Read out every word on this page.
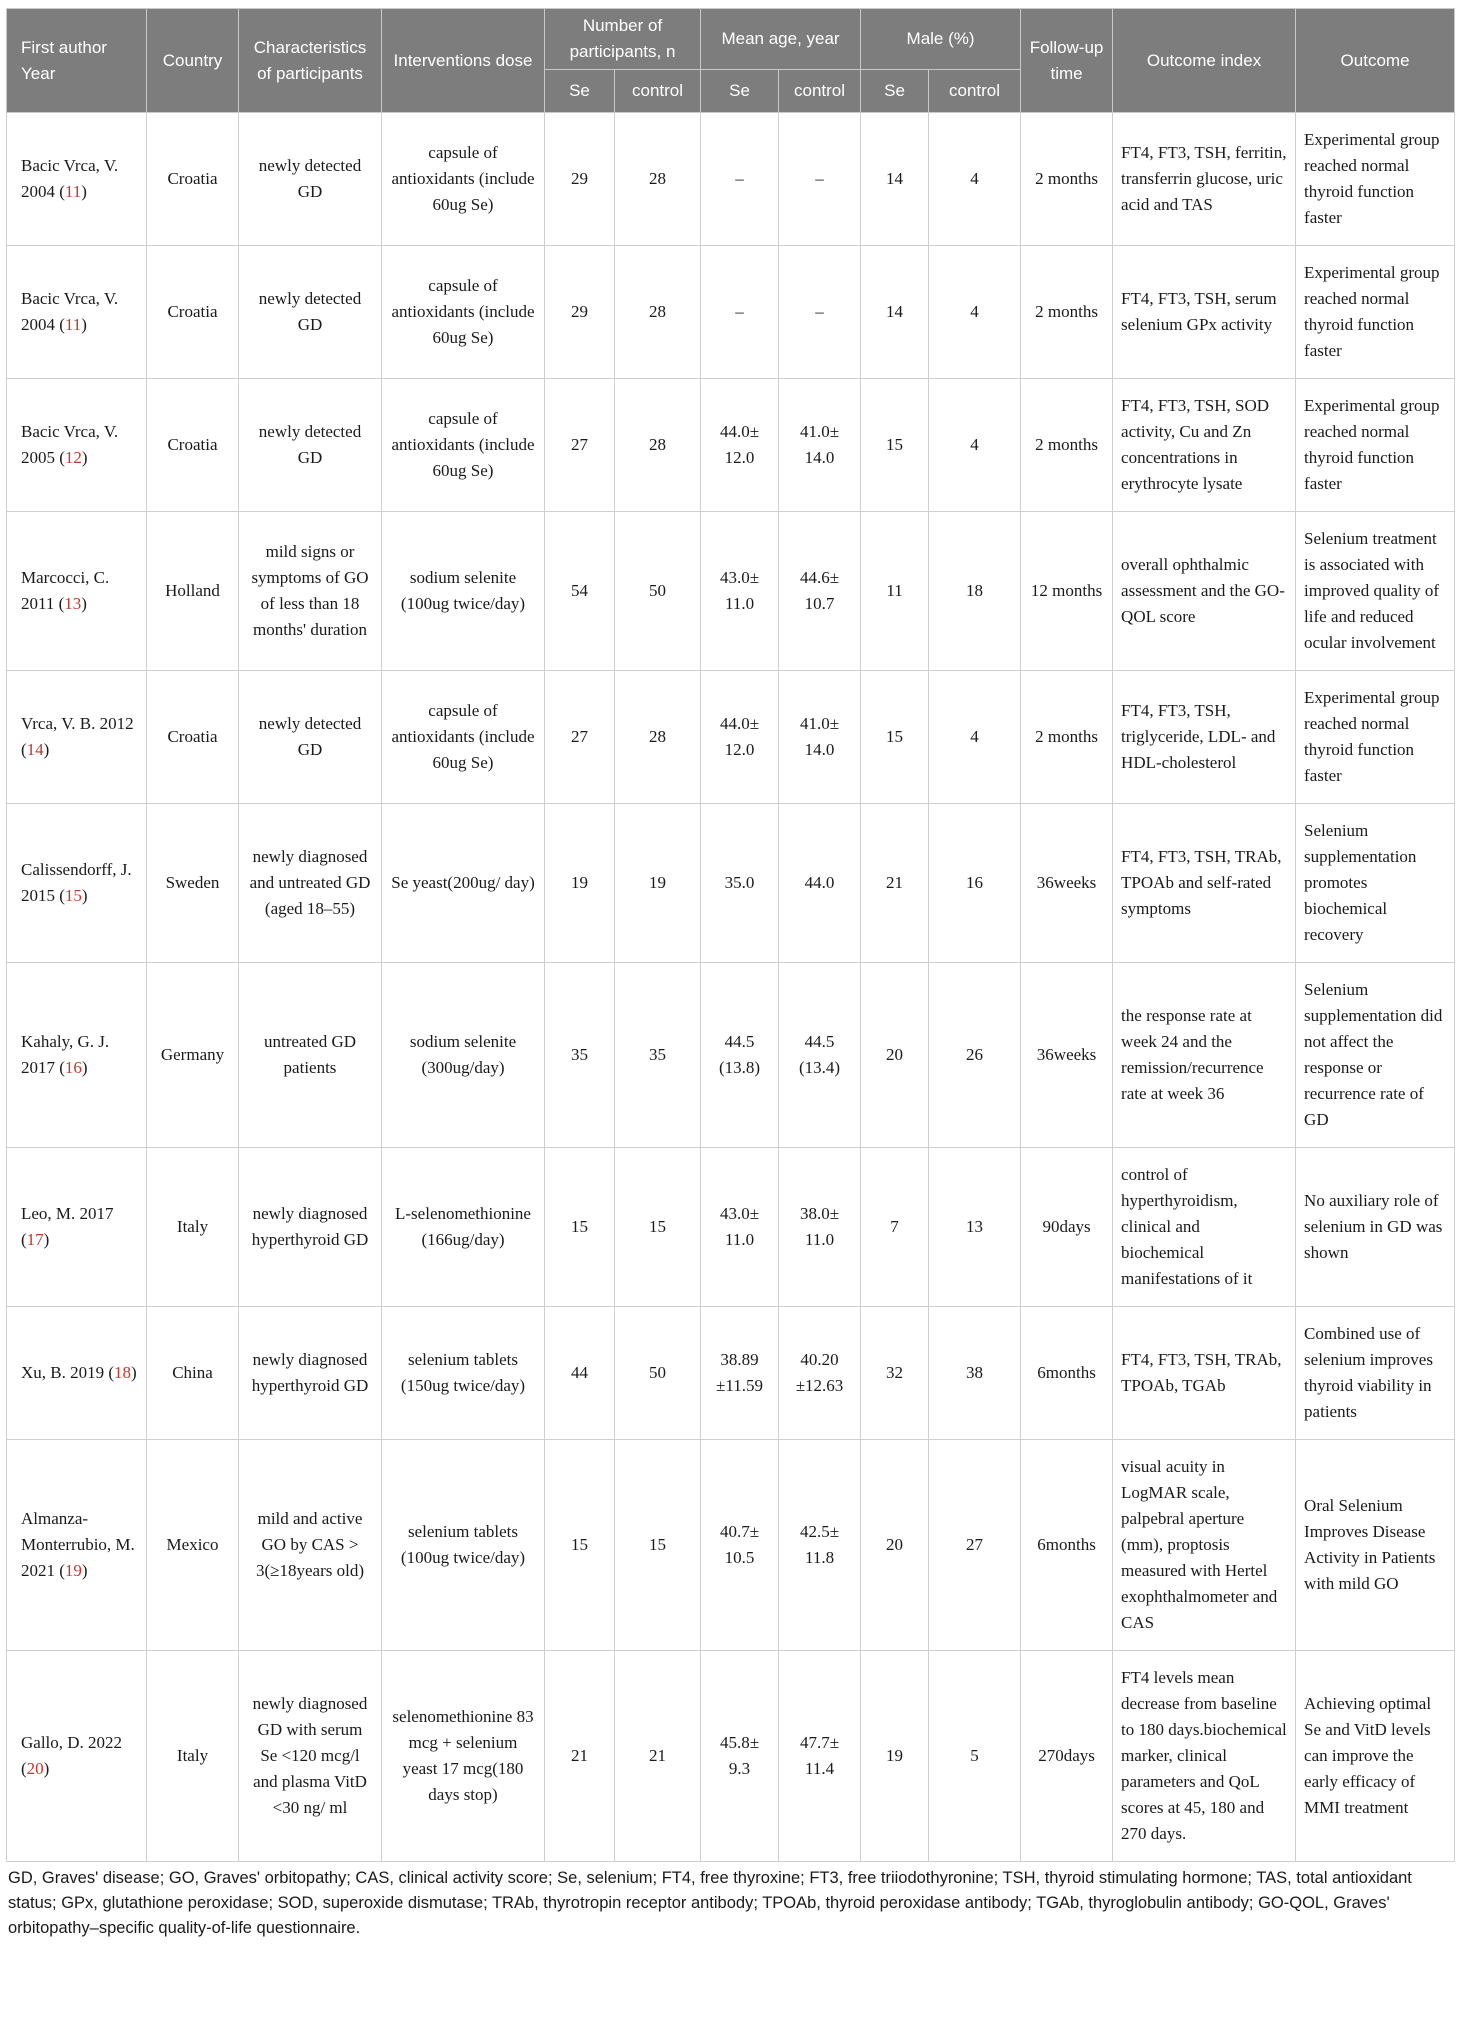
First author Year	Country	Characteristics of participants	Interventions dose	Number of participants, n		Mean age, year		Male (%)		Follow-up time	Outcome index	Outcome
				Se	control	Se	control	Se	control			
Bacic Vrca, V. 2004 (11)	Croatia	newly detected GD	capsule of antioxidants (include 60ug Se)	29	28	–	–	14	4	2 months	FT4, FT3, TSH, ferritin, transferrin glucose, uric acid and TAS	Experimental group reached normal thyroid function faster
Bacic Vrca, V. 2004 (11)	Croatia	newly detected GD	capsule of antioxidants (include 60ug Se)	29	28	–	–	14	4	2 months	FT4, FT3, TSH, serum selenium GPx activity	Experimental group reached normal thyroid function faster
Bacic Vrca, V. 2005 (12)	Croatia	newly detected GD	capsule of antioxidants (include 60ug Se)	27	28	44.0± 12.0	41.0± 14.0	15	4	2 months	FT4, FT3, TSH, SOD activity, Cu and Zn concentrations in erythrocyte lysate	Experimental group reached normal thyroid function faster
Marcocci, C. 2011 (13)	Holland	mild signs or symptoms of GO of less than 18 months' duration	sodium selenite (100ug twice/day)	54	50	43.0± 11.0	44.6± 10.7	11	18	12 months	overall ophthalmic assessment and the GO-QOL score	Selenium treatment is associated with improved quality of life and reduced ocular involvement
Vrca, V. B. 2012 (14)	Croatia	newly detected GD	capsule of antioxidants (include 60ug Se)	27	28	44.0± 12.0	41.0± 14.0	15	4	2 months	FT4, FT3, TSH, triglyceride, LDL- and HDL-cholesterol	Experimental group reached normal thyroid function faster
Calissendorff, J. 2015 (15)	Sweden	newly diagnosed and untreated GD (aged 18–55)	Se yeast(200ug/ day)	19	19	35.0	44.0	21	16	36weeks	FT4, FT3, TSH, TRAb, TPOAb and self-rated symptoms	Selenium supplementation promotes biochemical recovery
Kahaly, G. J. 2017 (16)	Germany	untreated GD patients	sodium selenite (300ug/day)	35	35	44.5 (13.8)	44.5 (13.4)	20	26	36weeks	the response rate at week 24 and the remission/recurrence rate at week 36	Selenium supplementation did not affect the response or recurrence rate of GD
Leo, M. 2017 (17)	Italy	newly diagnosed hyperthyroid GD	L-selenomethionine (166ug/day)	15	15	43.0± 11.0	38.0± 11.0	7	13	90days	control of hyperthyroidism, clinical and biochemical manifestations of it	No auxiliary role of selenium in GD was shown
Xu, B. 2019 (18)	China	newly diagnosed hyperthyroid GD	selenium tablets (150ug twice/day)	44	50	38.89 ±11.59	40.20 ±12.63	32	38	6months	FT4, FT3, TSH, TRAb, TPOAb, TGAb	Combined use of selenium improves thyroid viability in patients
Almanza-Monterrubio, M. 2021 (19)	Mexico	mild and active GO by CAS > 3(≥18years old)	selenium tablets (100ug twice/day)	15	15	40.7± 10.5	42.5± 11.8	20	27	6months	visual acuity in LogMAR scale, palpebral aperture (mm), proptosis measured with Hertel exophthalmometer and CAS	Oral Selenium Improves Disease Activity in Patients with mild GO
Gallo, D. 2022 (20)	Italy	newly diagnosed GD with serum Se <120 mcg/l and plasma VitD <30 ng/ ml	selenomethionine 83 mcg + selenium yeast 17 mcg(180 days stop)	21	21	45.8± 9.3	47.7± 11.4	19	5	270days	FT4 levels mean decrease from baseline to 180 days.biochemical marker, clinical parameters and QoL scores at 45, 180 and 270 days.	Achieving optimal Se and VitD levels can improve the early efficacy of MMI treatment
GD, Graves' disease; GO, Graves' orbitopathy; CAS, clinical activity score; Se, selenium; FT4, free thyroxine; FT3, free triiodothyronine; TSH, thyroid stimulating hormone; TAS, total antioxidant status; GPx, glutathione peroxidase; SOD, superoxide dismutase; TRAb, thyrotropin receptor antibody; TPOAb, thyroid peroxidase antibody; TGAb, thyroglobulin antibody; GO-QOL, Graves' orbitopathy–specific quality-of-life questionnaire.
